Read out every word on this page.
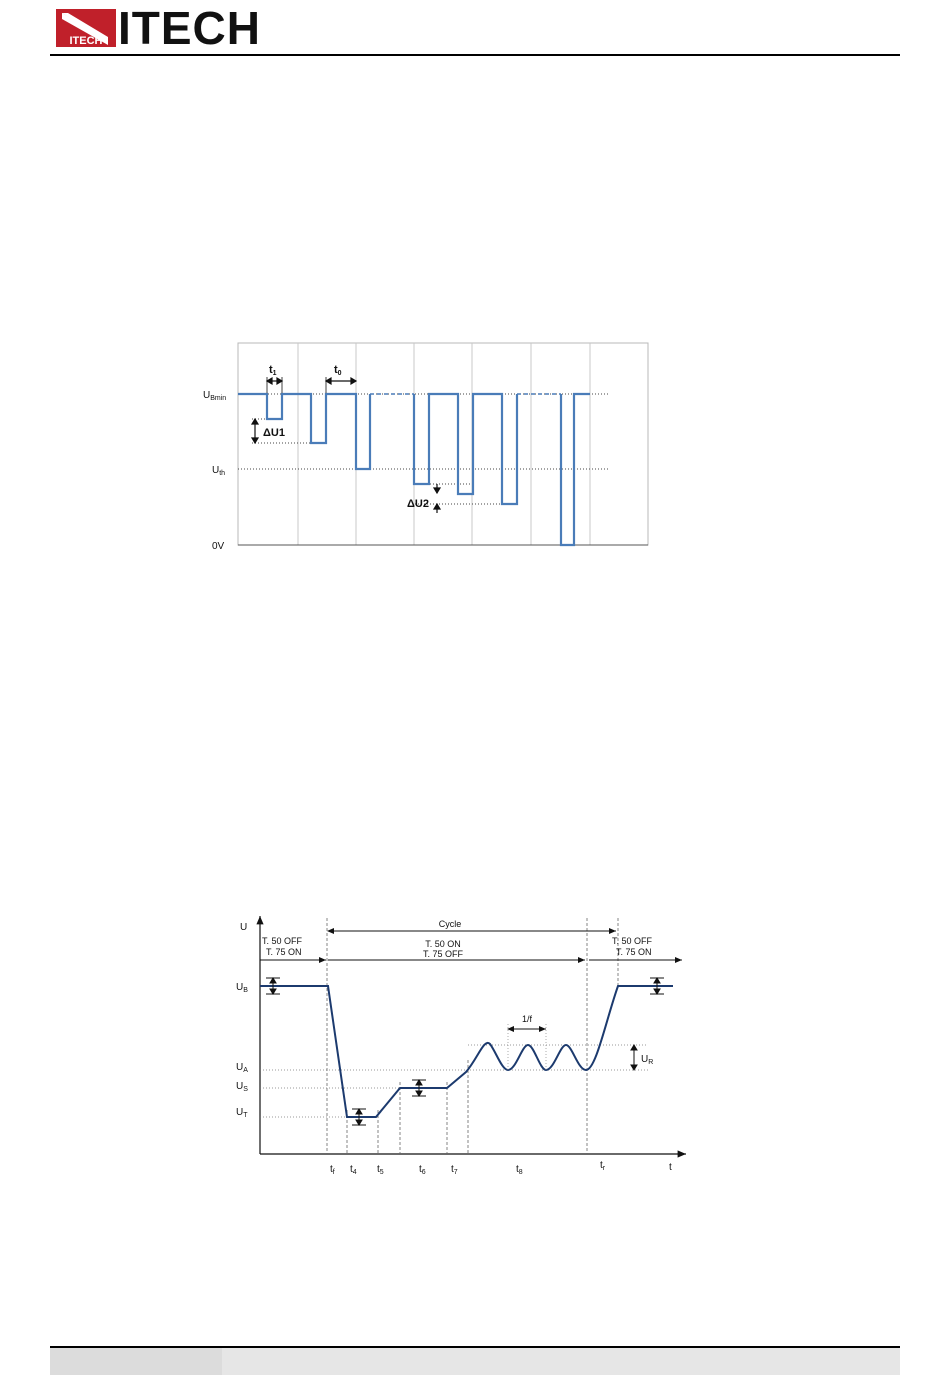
ITECH ITECH
t1	t0
ΔU1
ΔU2
$U_{Bmin}$
$U_{th}$
0V
U
t
Cycle
T. 50 OFF
T. 75 ON
T. 50 ON
T. 75 OFF
T. 50 OFF
T. 75 ON
1/f
$U_B$
$U_A$
$U_S$
$U_T$
$U_R$
$t_f$ $t_4$ $t_5$	$t_6$	$t_7$	$t_8$
$t_r$
